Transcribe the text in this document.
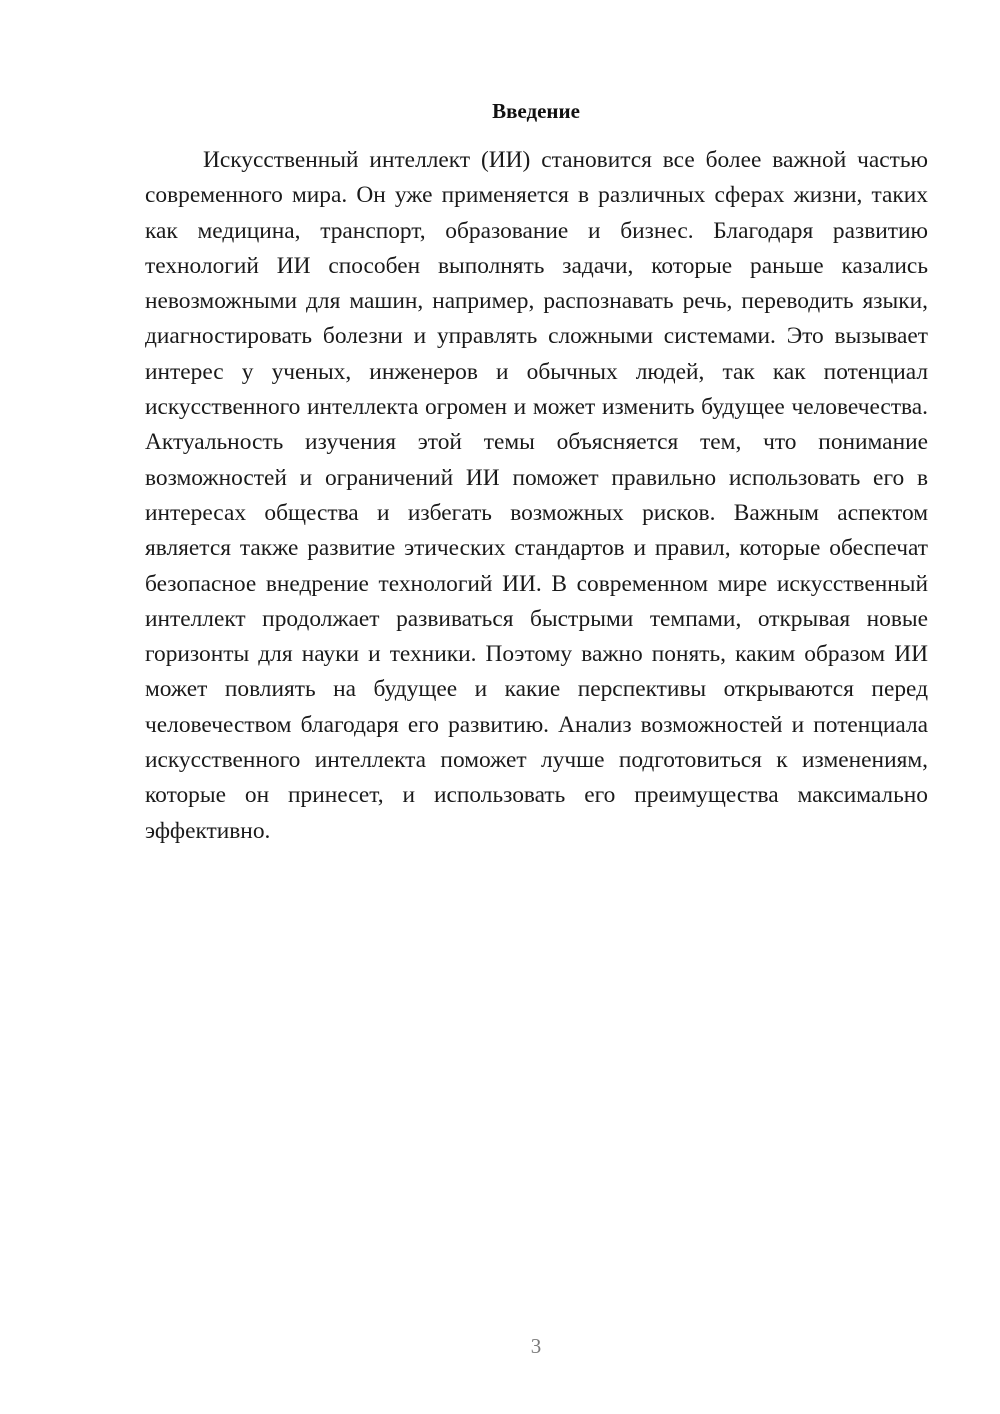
Введение

Искусственный интеллект (ИИ) становится все более важной частью современного мира. Он уже применяется в различных сферах жизни, таких как медицина, транспорт, образование и бизнес. Благодаря развитию технологий ИИ способен выполнять задачи, которые раньше казались невозможными для машин, например, распознавать речь, переводить языки, диагностировать болезни и управлять сложными системами. Это вызывает интерес у ученых, инженеров и обычных людей, так как потенциал искусственного интеллекта огромен и может изменить будущее человечества. Актуальность изучения этой темы объясняется тем, что понимание возможностей и ограничений ИИ поможет правильно использовать его в интересах общества и избегать возможных рисков. Важным аспектом является также развитие этических стандартов и правил, которые обеспечат безопасное внедрение технологий ИИ. В современном мире искусственный интеллект продолжает развиваться быстрыми темпами, открывая новые горизонты для науки и техники. Поэтому важно понять, каким образом ИИ может повлиять на будущее и какие перспективы открываются перед человечеством благодаря его развитию. Анализ возможностей и потенциала искусственного интеллекта поможет лучше подготовиться к изменениям, которые он принесет, и использовать его преимущества максимально эффективно.

3
